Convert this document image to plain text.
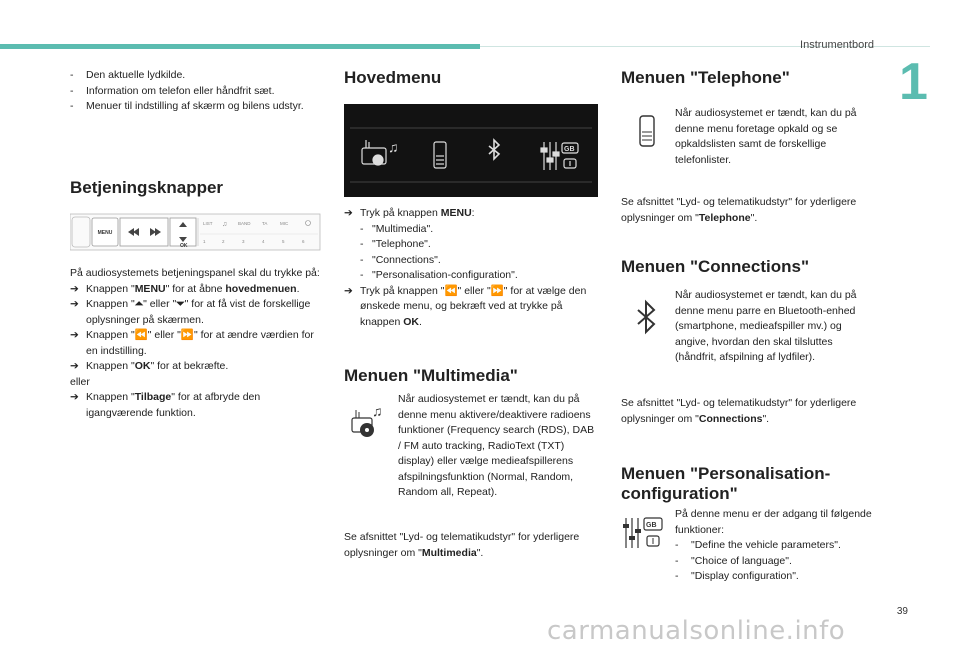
Instrumentbord
1
- Den aktuelle lydkilde.
- Information om telefon eller håndfrit sæt.
- Menuer til indstilling af skærm og bilens udstyr.
Betjeningsknapper
MENU
OK
LIST ♫ BAND	TA	MIC
1	2	3	4	5	6
På audiosystemets betjeningspanel skal du trykke på:
➔ Knappen "MENU" for at åbne hovedmenuen.
➔ Knappen "⏶" eller "⏷" for at få vist de forskellige oplysninger på skærmen.
➔ Knappen "⏪" eller "⏩" for at ændre værdien for en indstilling.
➔ Knappen "OK" for at bekræfte.
eller
➔ Knappen "Tilbage" for at afbryde den igangværende funktion.
Hovedmenu
♫	GB
➔ Tryk på knappen MENU:
- "Multimedia".
- "Telephone".
- "Connections".
- "Personalisation-configuration".
➔ Tryk på knappen "⏪" eller "⏩" for at vælge den ønskede menu, og bekræft ved at trykke på knappen OK.
Menuen "Multimedia"
♫
Når audiosystemet er tændt, kan du på denne menu aktivere/deaktivere radioens funktioner (Frequency search (RDS), DAB / FM auto tracking, RadioText (TXT) display) eller vælge medieafspillerens afspilningsfunktion (Normal, Random, Random all, Repeat).
Se afsnittet "Lyd- og telematikudstyr" for yderligere oplysninger om "Multimedia".
Menuen "Telephone"
Når audiosystemet er tændt, kan du på denne menu foretage opkald og se opkaldslisten samt de forskellige telefonlister.
Se afsnittet "Lyd- og telematikudstyr" for yderligere oplysninger om "Telephone".
Menuen "Connections"
Når audiosystemet er tændt, kan du på denne menu parre en Bluetooth-enhed (smartphone, medieafspiller mv.) og angive, hvordan den skal tilsluttes (håndfrit, afspilning af lydfiler).
Se afsnittet "Lyd- og telematikudstyr" for yderligere oplysninger om "Connections".
Menuen "Personalisation-
configuration"
GB
På denne menu er der adgang til følgende funktioner:
- "Define the vehicle parameters".
- "Choice of language".
- "Display configuration".
39
carmanualsonline.info
